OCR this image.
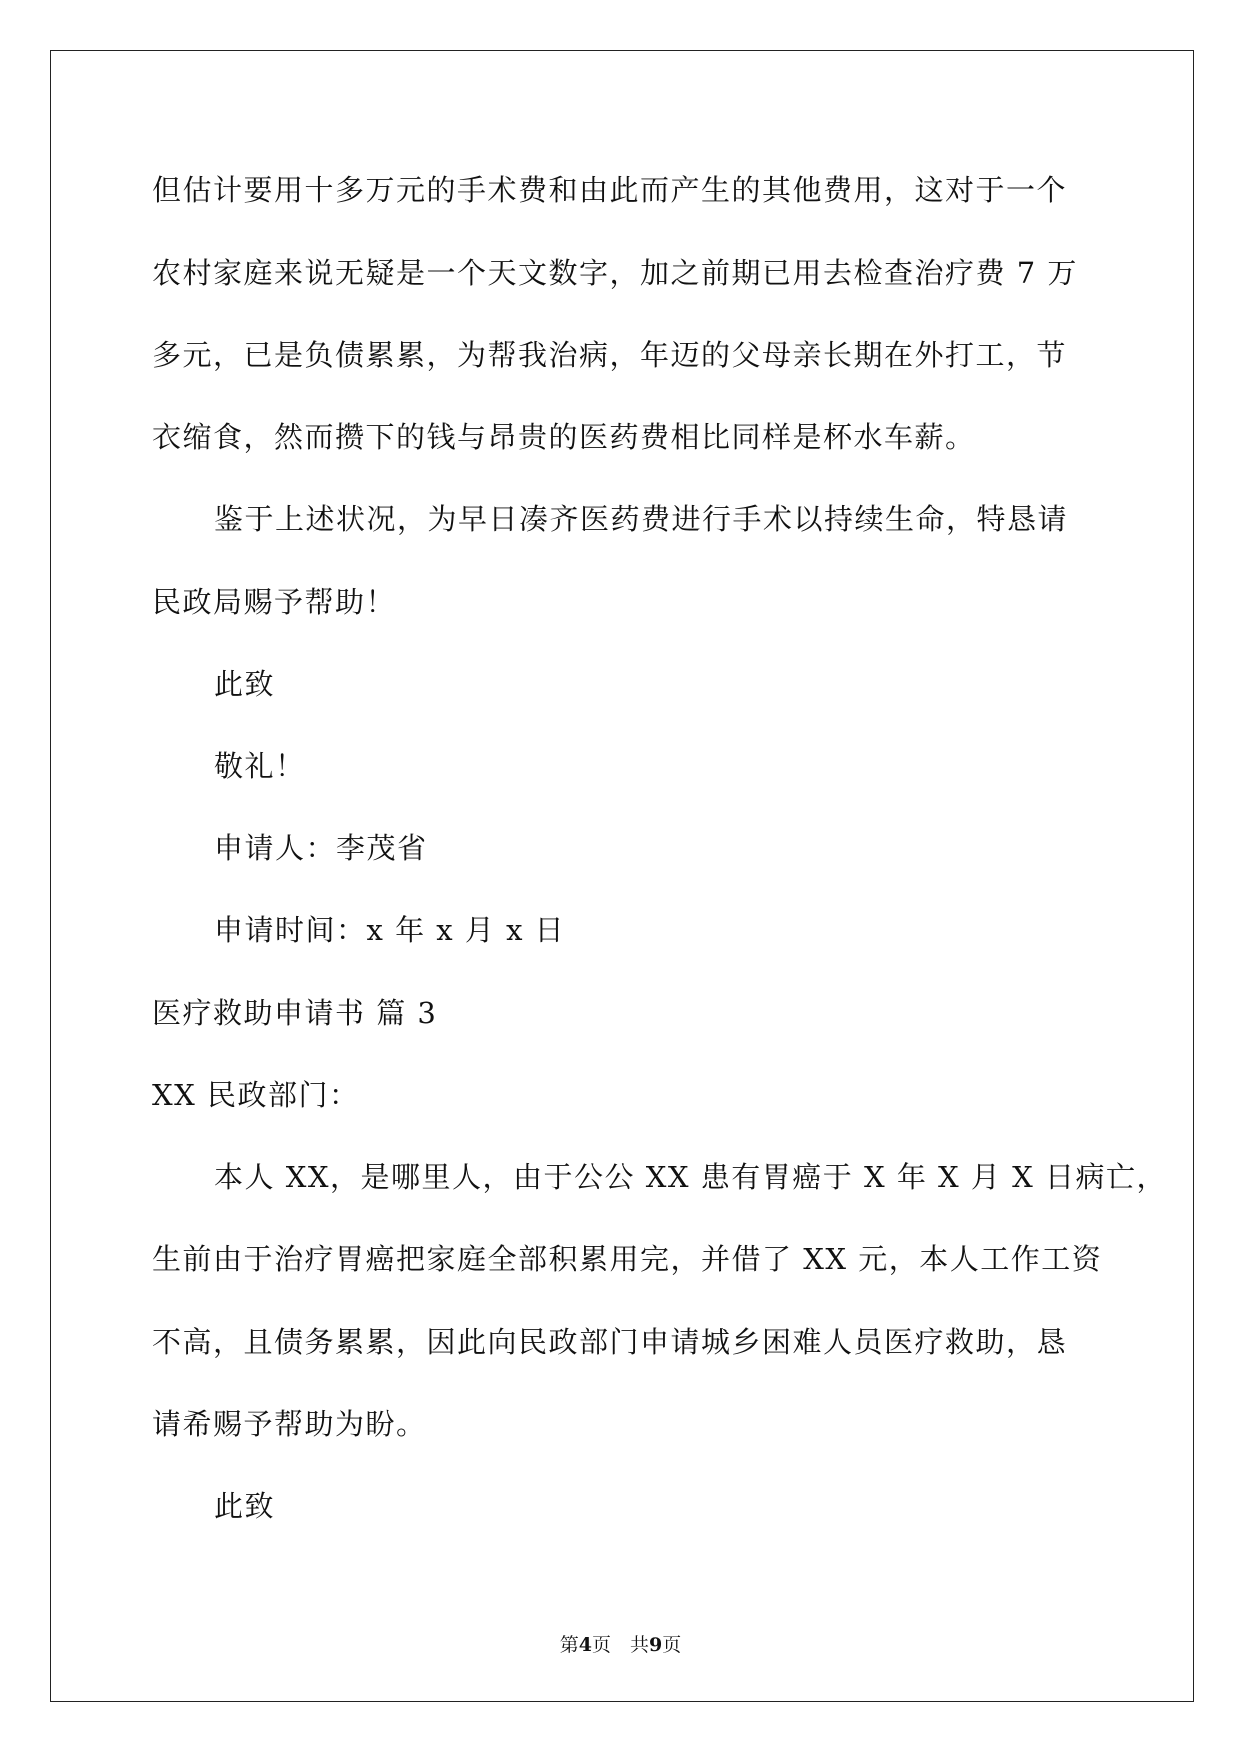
但估计要用十多万元的手术费和由此而产生的其他费用，这对于一个
农村家庭来说无疑是一个天文数字，加之前期已用去检查治疗费 7 万
多元，已是负债累累，为帮我治病，年迈的父母亲长期在外打工，节
衣缩食，然而攒下的钱与昂贵的医药费相比同样是杯水车薪。
鉴于上述状况，为早日凑齐医药费进行手术以持续生命，特恳请
民政局赐予帮助！
此致
敬礼！
申请人：李茂省
申请时间：x 年 x 月 x 日
医疗救助申请书 篇 3
XX 民政部门：
本人 XX，是哪里人，由于公公 XX 患有胃癌于 X 年 X 月 X 日病亡，
生前由于治疗胃癌把家庭全部积累用完，并借了 XX 元，本人工作工资
不高，且债务累累，因此向民政部门申请城乡困难人员医疗救助，恳
请希赐予帮助为盼。
此致
第4页　共9页
